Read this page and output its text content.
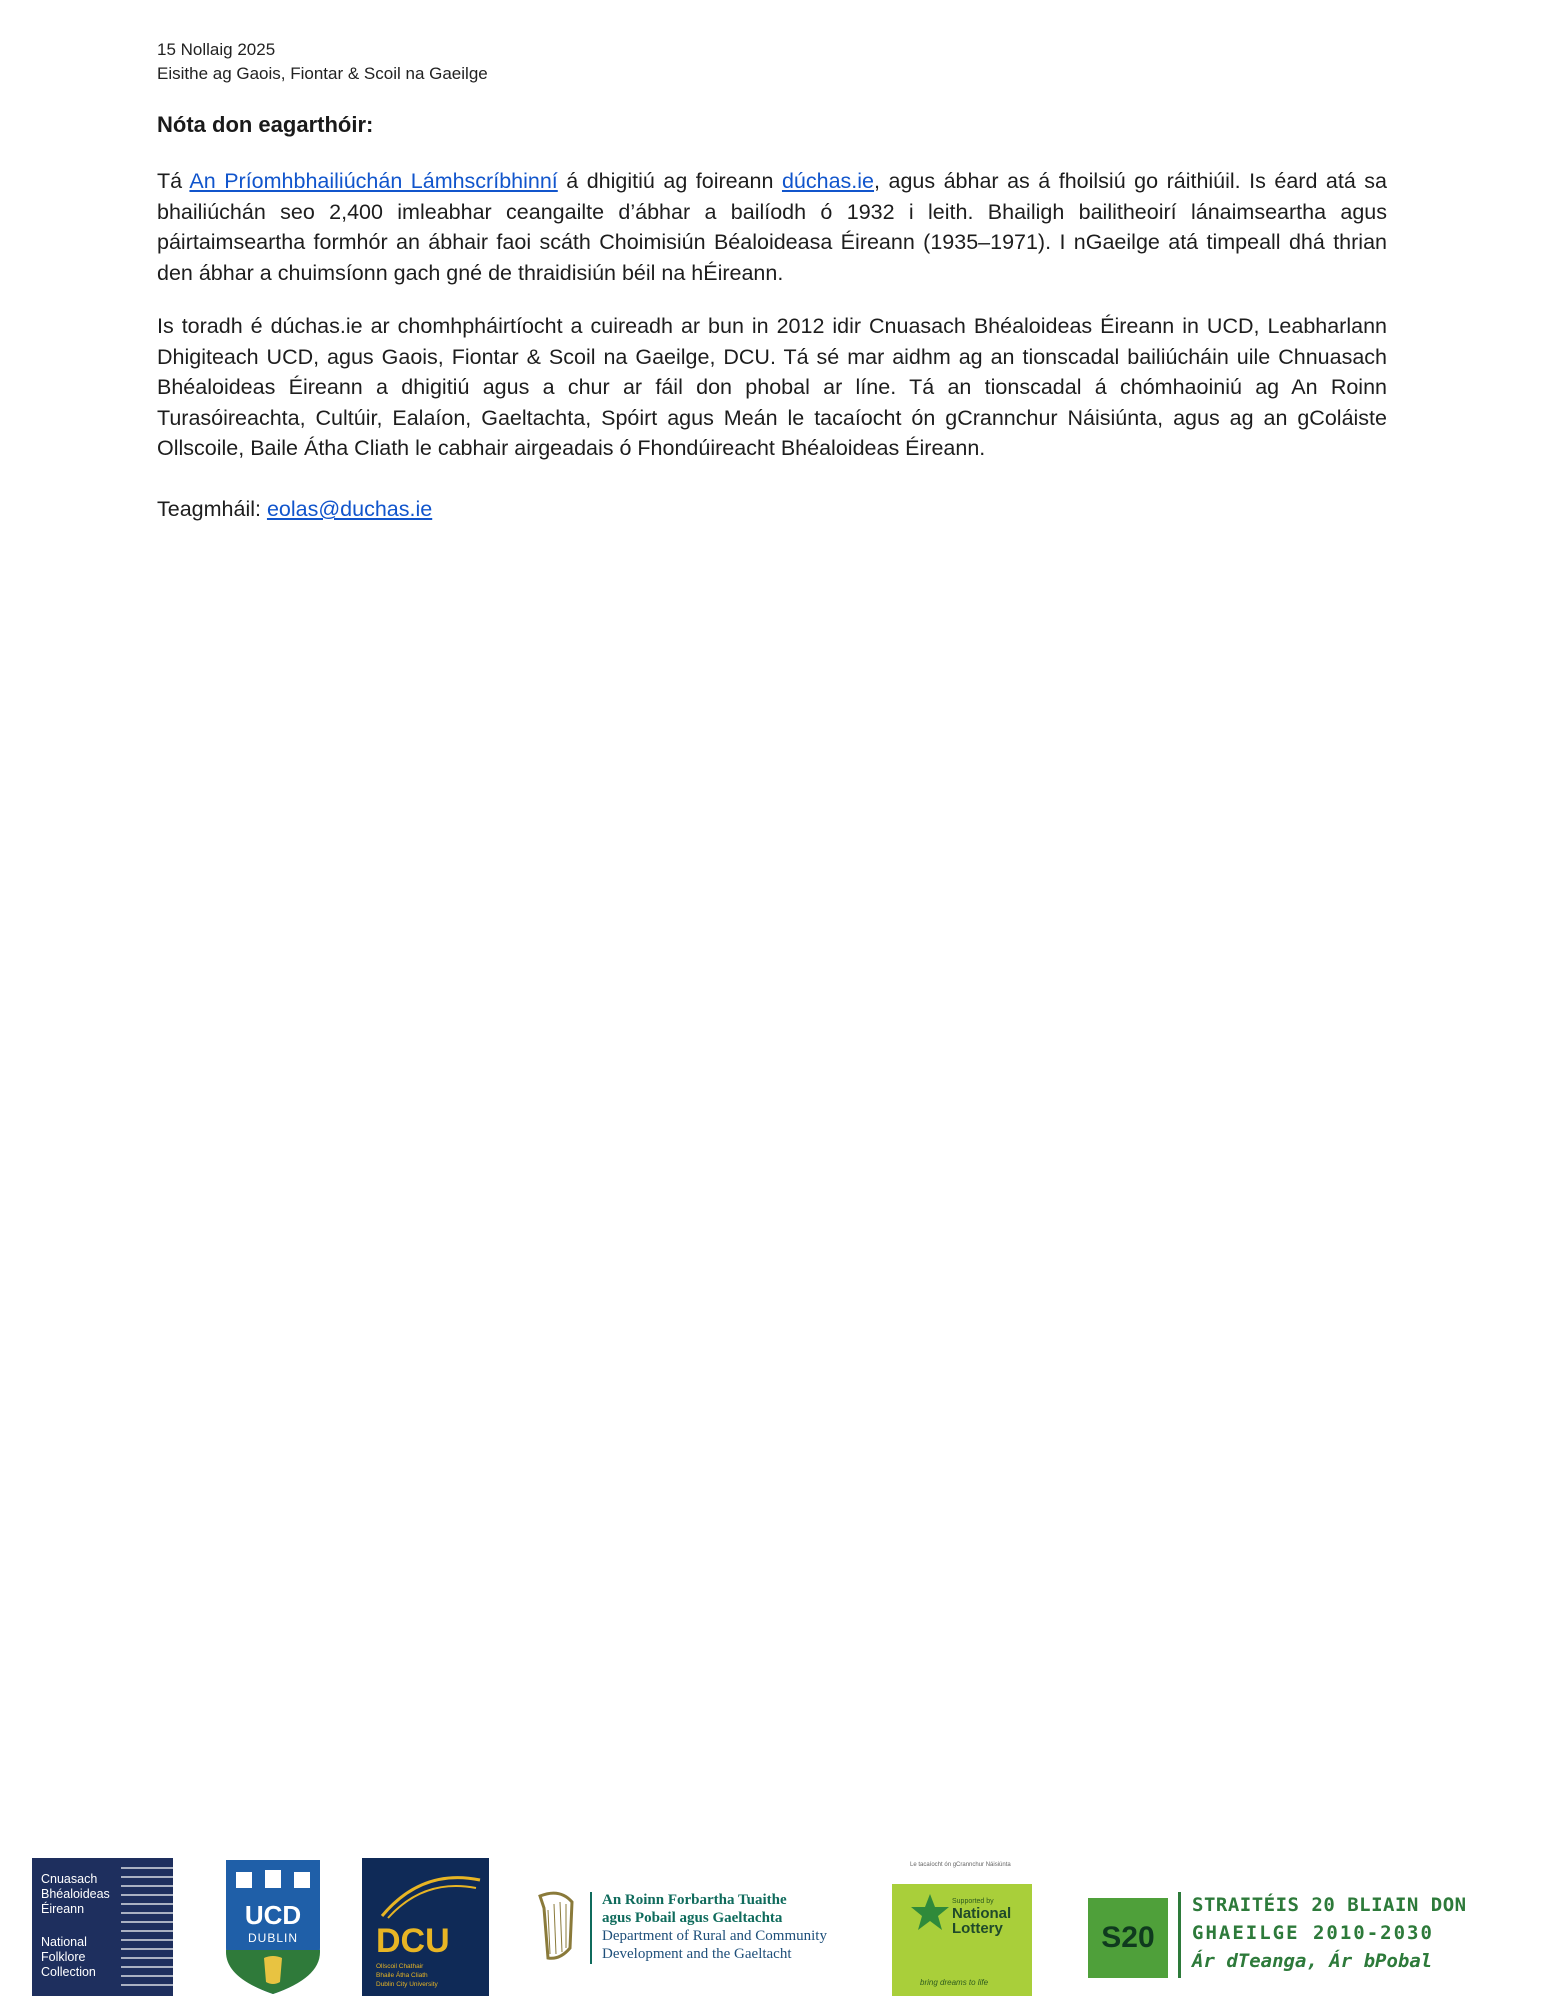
15 Nollaig 2025
Eisithe ag Gaois, Fiontar & Scoil na Gaeilge
Nóta don eagarthóir:

Tá An Príomhbhailiúchán Lámhscríbhinní á dhigitiú ag foireann dúchas.ie, agus ábhar as á fhoilsiú go ráithiúil. Is éard atá sa bhailiúchán seo 2,400 imleabhar ceangailte d’ábhar a bailíodh ó 1932 i leith. Bhailigh bailitheoirí lánaimseartha agus páirtaimseartha formhór an ábhair faoi scáth Choimisiún Béaloideasa Éireann (1935–1971). I nGaeilge atá timpeall dhá thrian den ábhar a chuimsíonn gach gné de thraidisiún béil na hÉireann.

Is toradh é dúchas.ie ar chomhpháirtíocht a cuireadh ar bun in 2012 idir Cnuasach Bhéaloideas Éireann in UCD, Leabharlann Dhigiteach UCD, agus Gaois, Fiontar & Scoil na Gaeilge, DCU. Tá sé mar aidhm ag an tionscadal bailiúcháin uile Chnuasach Bhéaloideas Éireann a dhigitiú agus a chur ar fáil don phobal ar líne. Tá an tionscadal á chómhaoiniú ag An Roinn Turasóireachta, Cultúir, Ealaíon, Gaeltachta, Spóirt agus Meán le tacaíocht ón gCrannchur Náisiúnta, agus ag an gColáiste Ollscoile, Baile Átha Cliath le cabhair airgeadais ó Fhondúireacht Bhéaloideas Éireann.

Teagmháil: eolas@duchas.ie

Cnuasach
Bhéaloideas
Éireann
National
Folklore
Collection
UCD
DUBLIN DCU
Ollscoil Chathair
Bhaile Átha Cliath
Dublin City University
An Roinn Forbartha Tuaithe
agus Pobail agus Gaeltachta
Department of Rural and Community
Development and the Gaeltacht
Le tacaíocht ón gCrannchur Náisiúnta
Supported by
National
Lottery
bring dreams to life
S20
STRAITÉIS 20 BLIAIN DON
GHAEILGE 2010-2030
Ár dTeanga, Ár bPobal
